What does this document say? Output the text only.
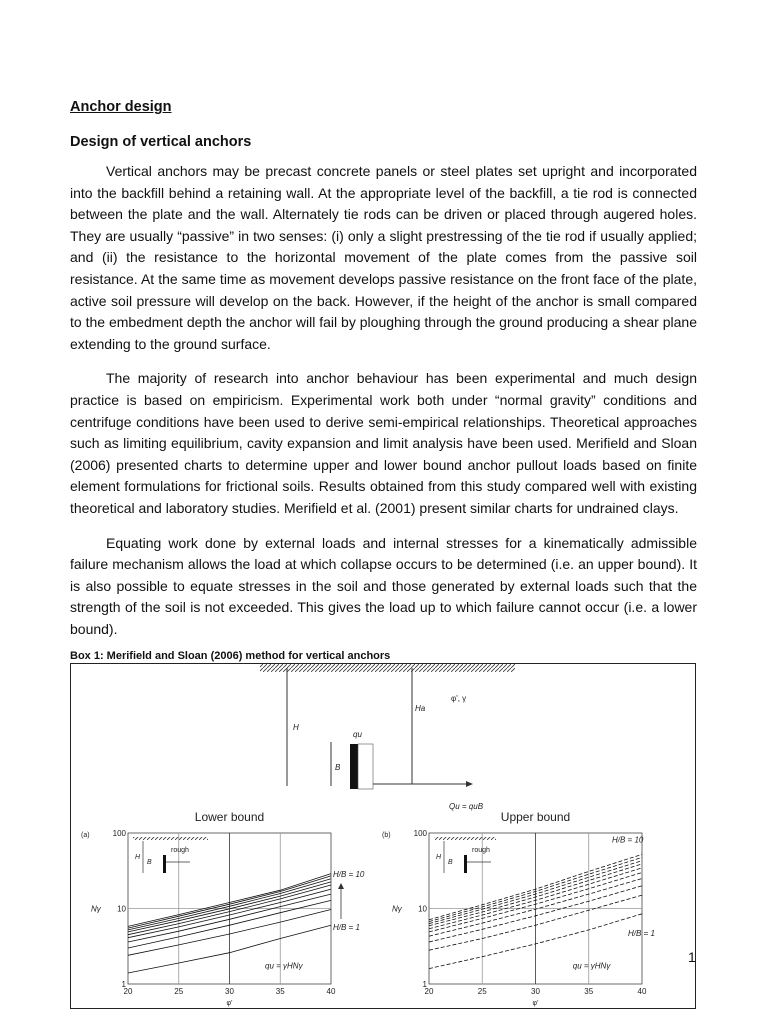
Anchor design
Design of vertical anchors
Vertical anchors may be precast concrete panels or steel plates set upright and incorporated into the backfill behind a retaining wall. At the appropriate level of the backfill, a tie rod is connected between the plate and the wall. Alternately tie rods can be driven or placed through augered holes. They are usually “passive” in two senses: (i) only a slight prestressing of the tie rod if usually applied; and (ii) the resistance to the horizontal movement of the plate comes from the passive soil resistance. At the same time as movement develops passive resistance on the front face of the plate, active soil pressure will develop on the back. However, if the height of the anchor is small compared to the embedment depth the anchor will fail by ploughing through the ground producing a shear plane extending to the ground surface.
The majority of research into anchor behaviour has been experimental and much design practice is based on empiricism. Experimental work both under “normal gravity” conditions and centrifuge conditions have been used to derive semi-empirical relationships. Theoretical approaches such as limiting equilibrium, cavity expansion and limit analysis have been used. Merifield and Sloan (2006) presented charts to determine upper and lower bound anchor pullout loads based on finite element formulations for frictional soils. Results obtained from this study compared well with existing theoretical and laboratory studies. Merifield et al. (2001) present similar charts for undrained clays.
Equating work done by external loads and internal stresses for a kinematically admissible failure mechanism allows the load at which collapse occurs to be determined (i.e. an upper bound). It is also possible to equate stresses in the soil and those generated by external loads such that the strength of the soil is not exceeded. This gives the load up to which failure cannot occur (i.e. a lower bound).
Box 1: Merifield and Sloan (2006) method for vertical anchors
H
B
qu
Ha
φ', γ
Qu = quB
Lower bound
(a)
20	25	30	35	40
1
10
100
Nγ
φ'
H/B = 10
H/B = 1
qu = γHNγ
H
B
rough
Upper bound
(b)
20	25	30	35	40
1
10
100
Nγ
φ'
H/B = 10
H/B = 1
qu = γHNγ
H
B
rough
1
